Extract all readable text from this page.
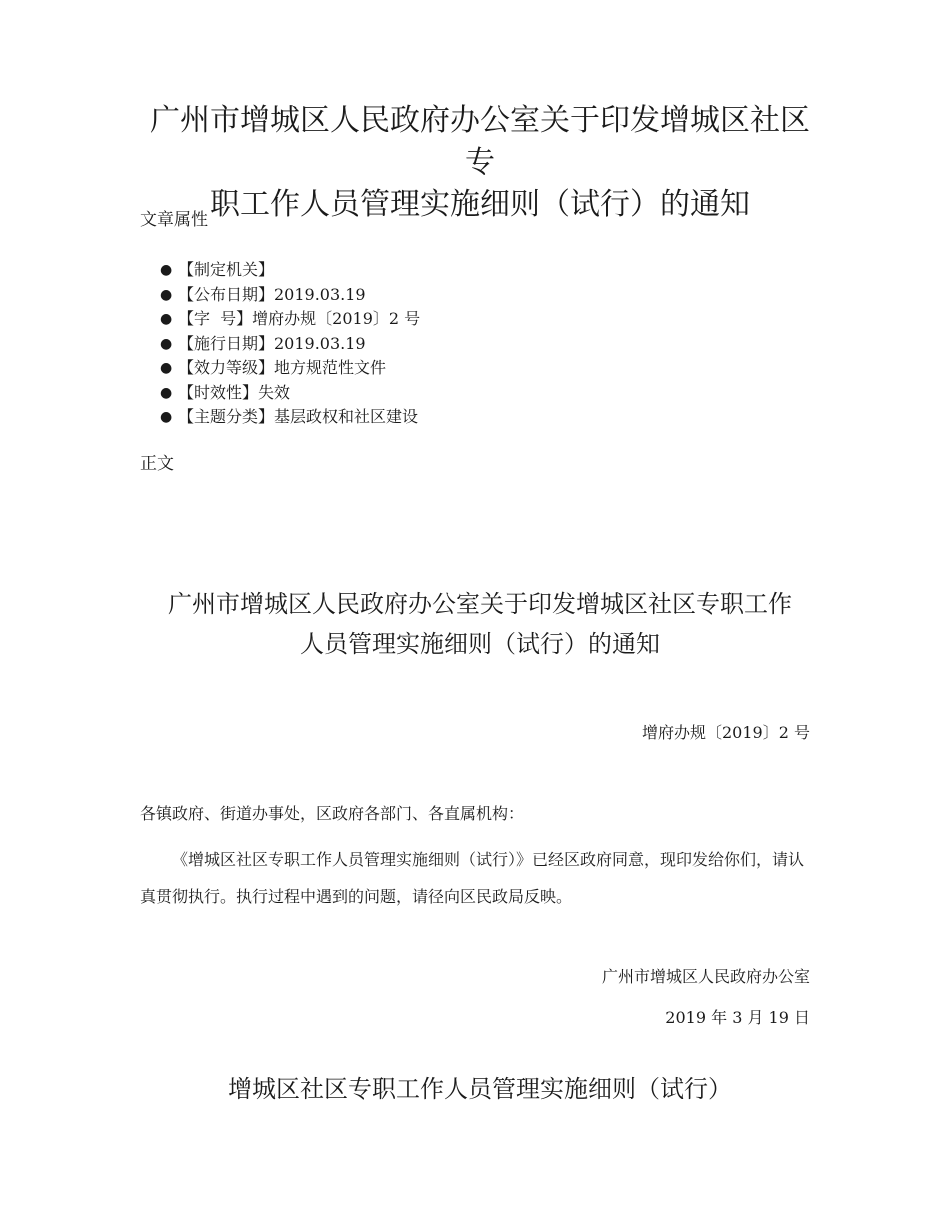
广州市增城区人民政府办公室关于印发增城区社区专
职工作人员管理实施细则（试行）的通知
文章属性
● 【制定机关】
● 【公布日期】2019.03.19
● 【字  号】增府办规〔2019〕2 号
● 【施行日期】2019.03.19
● 【效力等级】地方规范性文件
● 【时效性】失效
● 【主题分类】基层政权和社区建设
正文
广州市增城区人民政府办公室关于印发增城区社区专职工作
人员管理实施细则（试行）的通知
增府办规〔2019〕2 号
各镇政府、街道办事处，区政府各部门、各直属机构：

《增城区社区专职工作人员管理实施细则（试行）》已经区政府同意，现印发给你们，请认真贯彻执行。执行过程中遇到的问题，请径向区民政局反映。

广州市增城区人民政府办公室
2019 年 3 月 19 日
增城区社区专职工作人员管理实施细则（试行）
